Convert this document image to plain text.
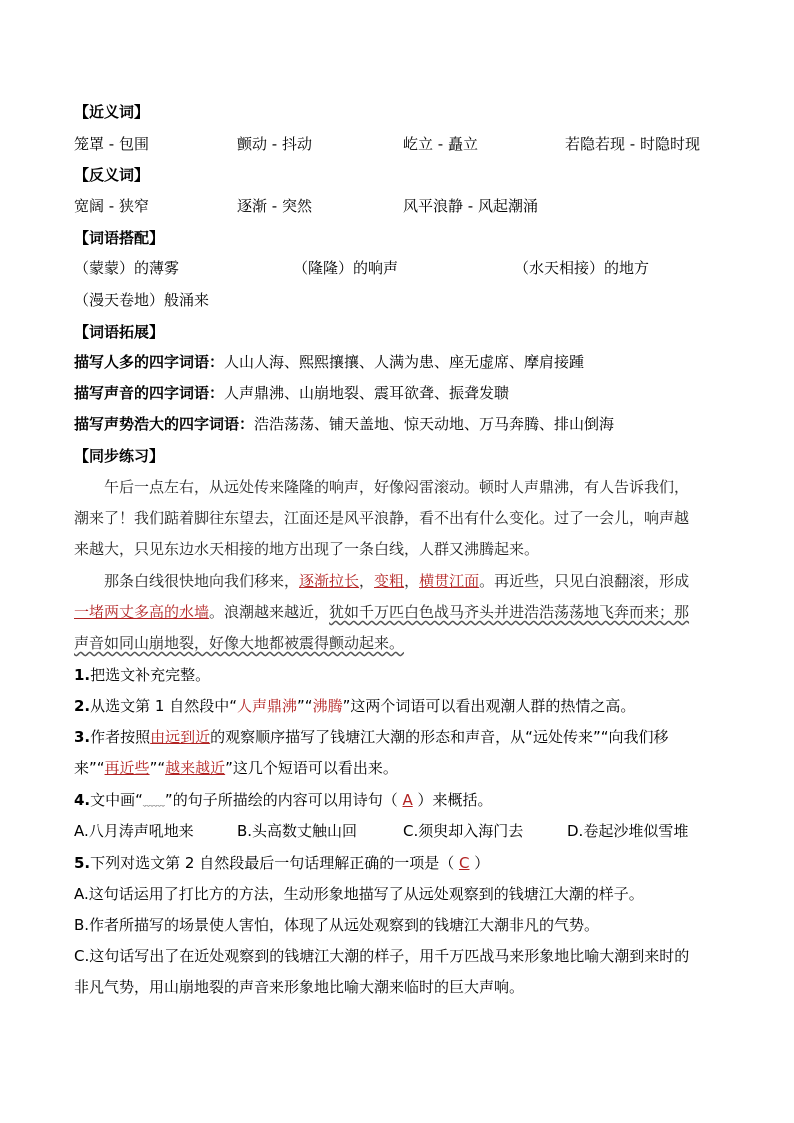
【近义词】
笼罩 - 包围	颤动 - 抖动	屹立 - 矗立	若隐若现 - 时隐时现
【反义词】
宽阔 - 狭窄	逐渐 - 突然	风平浪静 - 风起潮涌
【词语搭配】
（蒙蒙）的薄雾	（隆隆）的响声	（水天相接）的地方
（漫天卷地）般涌来
【词语拓展】
描写人多的四字词语：人山人海、熙熙攘攘、人满为患、座无虚席、摩肩接踵
描写声音的四字词语：人声鼎沸、山崩地裂、震耳欲聋、振聋发聩
描写声势浩大的四字词语：浩浩荡荡、铺天盖地、惊天动地、万马奔腾、排山倒海
【同步练习】
午后一点左右，从远处传来隆隆的响声，好像闷雷滚动。顿时人声鼎沸，有人告诉我们，
潮来了！我们踮着脚往东望去，江面还是风平浪静，看不出有什么变化。过了一会儿，响声越
来越大，只见东边水天相接的地方出现了一条白线，人群又沸腾起来。
那条白线很快地向我们移来，逐渐拉长，变粗，横贯江面。再近些，只见白浪翻滚，形成
一堵两丈多高的水墙。浪潮越来越近，犹如千万匹白色战马齐头并进浩浩荡荡地飞奔而来；那
声音如同山崩地裂，好像大地都被震得颤动起来。
1.把选文补充完整。
2.从选文第 1 自然段中“人声鼎沸”“沸腾”这两个词语可以看出观潮人群的热情之高。
3.作者按照由远到近的观察顺序描写了钱塘江大潮的形态和声音，从“远处传来”“向我们移
来”“再近些”“越来越近”这几个短语可以看出来。
4.文中画“﹏﹏”的句子所描绘的内容可以用诗句（ A ）来概括。
A.八月涛声吼地来	B.头高数丈触山回	C.须臾却入海门去	D.卷起沙堆似雪堆
5.下列对选文第 2 自然段最后一句话理解正确的一项是（ C ）
A.这句话运用了打比方的方法，生动形象地描写了从远处观察到的钱塘江大潮的样子。
B.作者所描写的场景使人害怕，体现了从远处观察到的钱塘江大潮非凡的气势。
C.这句话写出了在近处观察到的钱塘江大潮的样子，用千万匹战马来形象地比喻大潮到来时的
非凡气势，用山崩地裂的声音来形象地比喻大潮来临时的巨大声响。
